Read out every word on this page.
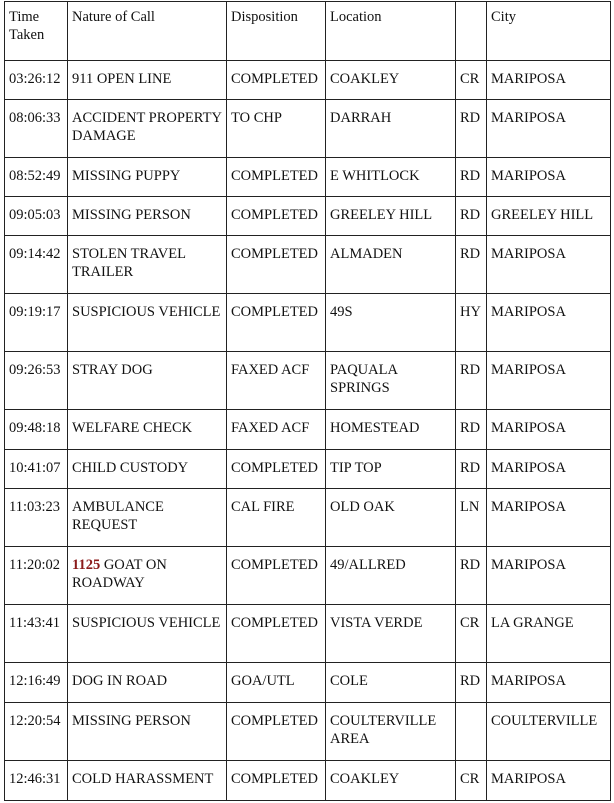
Time Taken	Nature of Call	Disposition	Location		City
03:26:12	911 OPEN LINE	COMPLETED	COAKLEY	CR	MARIPOSA
08:06:33	ACCIDENT PROPERTY DAMAGE	TO CHP	DARRAH	RD	MARIPOSA
08:52:49	MISSING PUPPY	COMPLETED	E WHITLOCK	RD	MARIPOSA
09:05:03	MISSING PERSON	COMPLETED	GREELEY HILL	RD	GREELEY HILL
09:14:42	STOLEN TRAVEL TRAILER	COMPLETED	ALMADEN	RD	MARIPOSA
09:19:17	SUSPICIOUS VEHICLE	COMPLETED	49S	HY	MARIPOSA
09:26:53	STRAY DOG	FAXED ACF	PAQUALA SPRINGS	RD	MARIPOSA
09:48:18	WELFARE CHECK	FAXED ACF	HOMESTEAD	RD	MARIPOSA
10:41:07	CHILD CUSTODY	COMPLETED	TIP TOP	RD	MARIPOSA
11:03:23	AMBULANCE REQUEST	CAL FIRE	OLD OAK	LN	MARIPOSA
11:20:02	1125 GOAT ON ROADWAY	COMPLETED	49/ALLRED	RD	MARIPOSA
11:43:41	SUSPICIOUS VEHICLE	COMPLETED	VISTA VERDE	CR	LA GRANGE
12:16:49	DOG IN ROAD	GOA/UTL	COLE	RD	MARIPOSA
12:20:54	MISSING PERSON	COMPLETED	COULTERVILLE AREA		COULTERVILLE
12:46:31	COLD HARASSMENT	COMPLETED	COAKLEY	CR	MARIPOSA
